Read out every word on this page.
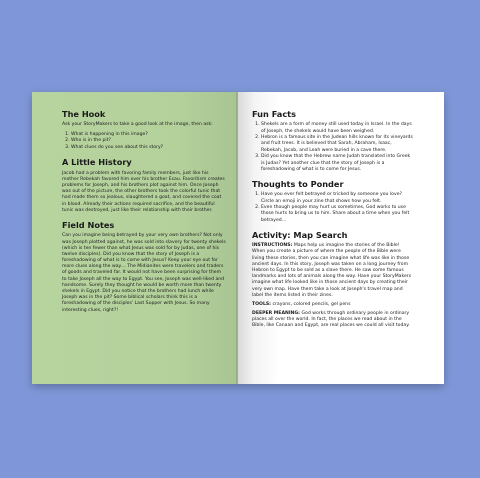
The Hook

Ask your StoryMakers to take a good look at the image, then ask:

1. What is happening in this image?
2. Who is in the pit?
3. What clues do you see about this story?
A Little History

Jacob had a problem with favoring family members, just like his mother Rebekah favored him over his brother Esau. Favoritism creates problems for Joseph, and his brothers plot against him. Once Joseph was out of the picture, the other brothers took the colorful tunic that had made them so jealous, slaughtered a goat, and covered the coat in blood. Already their actions required sacrifice, and the beautiful tunic was destroyed, just like their relationship with their brother.

Field Notes

Can you imagine being betrayed by your very own brothers? Not only was Joseph plotted against, he was sold into slavery for twenty shekels (which is ten fewer than what Jesus was sold for by Judas, one of his twelve disciples). Did you know that the story of Joseph is a foreshadowing of what is to come with Jesus? Keep your eye out for more clues along the way… The Midianites were travelers and traders of goods and traveled far. It would not have been surprising for them to take Joseph all the way to Egypt. You see, Joseph was well-liked and handsome. Surely they thought he would be worth more than twenty shekels in Egypt. Did you notice that the brothers had lunch while Joseph was in the pit? Some biblical scholars think this is a foreshadowing of the disciples' Last Supper with Jesus. So many interesting clues, right?!

Fun Facts
1. Shekels are a form of money still used today in Israel. In the days of Joseph, the shekels would have been weighed.
2. Hebron is a famous site in the Judean hills known for its vineyards and fruit trees. It is believed that Sarah, Abraham, Isaac, Rebekah, Jacob, and Leah were buried in a cave there.
3. Did you know that the Hebrew name Judah translated into Greek is Judas? Yet another clue that the story of Joseph is a foreshadowing of what is to come for Jesus.
Thoughts to Ponder
1. Have you ever felt betrayed or tricked by someone you love? Circle an emoji in your zine that shows how you felt.
2. Even though people may hurt us sometimes, God works to use those hurts to bring us to him. Share about a time when you felt betrayed…
Activity: Map Search

INSTRUCTIONS: Maps help us imagine the stories of the Bible! When you create a picture of where the people of the Bible were living these stories, then you can imagine what life was like in those ancient days. In this story, Joseph was taken on a long journey from Hebron to Egypt to be sold as a slave there. He saw some famous landmarks and lots of animals along the way. Have your StoryMakers imagine what life looked like in those ancient days by creating their very own map. Have them take a look at Joseph's travel map and label the items listed in their zines.

TOOLS: crayons, colored pencils, gel pens

DEEPER MEANING: God works through ordinary people in ordinary places all over the world. In fact, the places we read about in the Bible, like Canaan and Egypt, are real places we could all visit today.
